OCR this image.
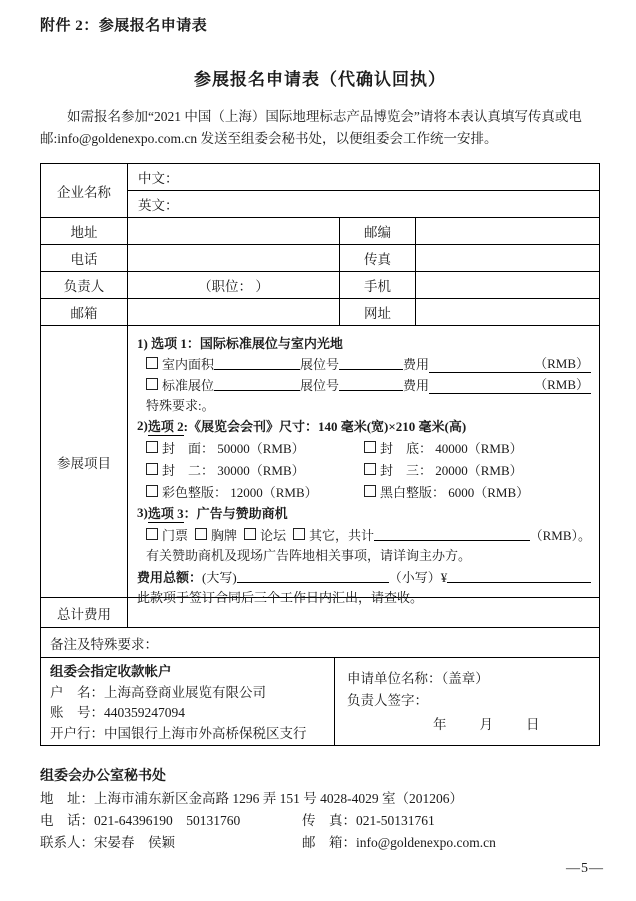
附件 2：参展报名申请表
参展报名申请表（代确认回执）
如需报名参加“2021 中国（上海）国际地理标志产品博览会”请将本表认真填写传真或电邮:info@goldenexpo.com.cn 发送至组委会秘书处，以便组委会工作统一安排。
企业名称
中文：
英文：
地址	邮编
电话	传真
负责人	（职位： ）	手机
邮箱	网址
参展项目
1) 选项 1：国际标准展位与室内光地
室内面积	展位号	费用	（RMB）
标准展位	展位号	费用	（RMB）
特殊要求:。
2) 选项 2 :《展览会会刊》尺寸：140 毫米(宽)×210 毫米(高)
封　面： 50000（RMB）	封　底： 40000（RMB）
封　二： 30000（RMB）	封　三： 20000（RMB）
彩色整版： 12000（RMB）	黑白整版： 6000（RMB）
3) 选项 3 ：广告与赞助商机
门票 胸牌 论坛 其它，共计	（RMB）。
有关赞助商机及现场广告阵地相关事项，请详询主办方。
费用总额： (大写)	（小写）¥
此款项于签订合同后三个工作日内汇出，请查收。
总计费用
备注及特殊要求：
组委会指定收款帐户
户　名：上海高登商业展览有限公司
账　号：440359247094
开户行：中国银行上海市外高桥保税区支行
申请单位名称：（盖章）
负责人签字：
年　　月　　日
组委会办公室秘书处
地　址：上海市浦东新区金高路 1296 弄 151 号 4028-4029 室（201206）
电　话：021-64396190　50131760	传　真：021-50131761
联系人：宋晏春　侯颖	邮　箱：info@goldenexpo.com.cn
—5—
